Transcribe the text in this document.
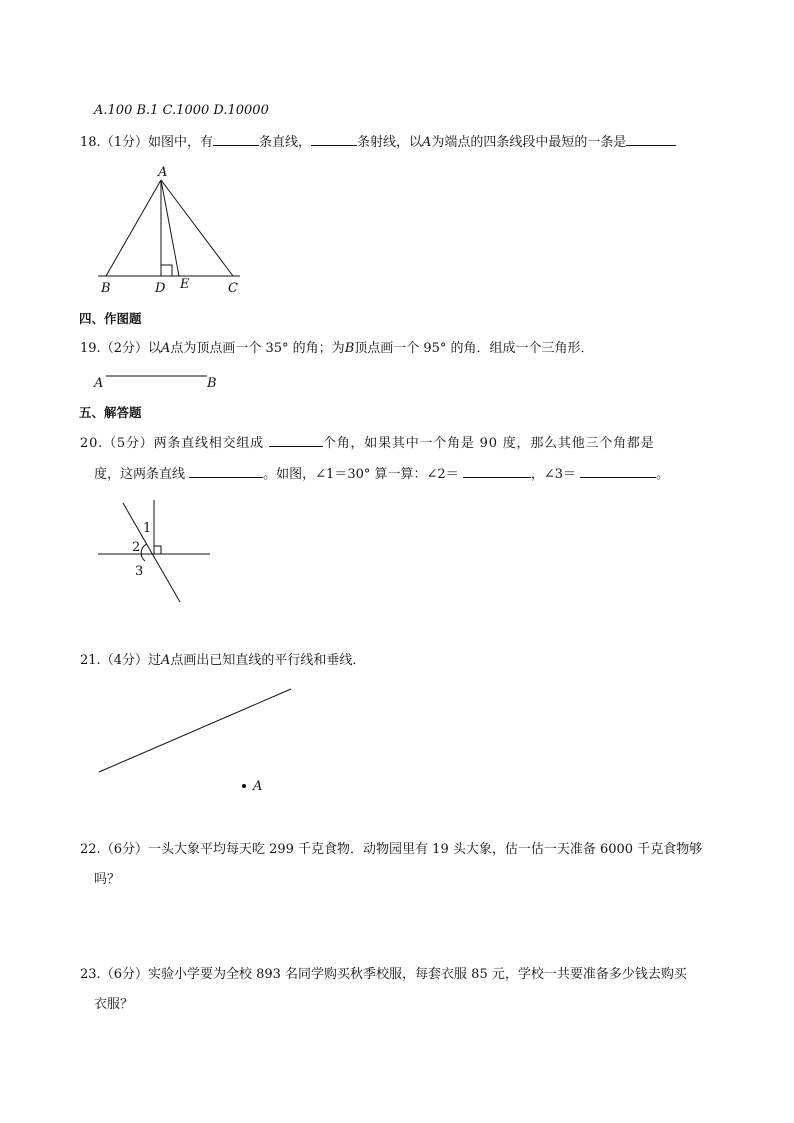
A.100 B.1 C.1000 D.10000
18.（1分）如图中，有	条直线，	条射线，以A为端点的四条线段中最短的一条是
A
B	D E	C
A	B
1
2
3
A
四、作图题
19.（2分）以A点为顶点画一个 35° 的角；为B顶点画一个 95° 的角．组成一个三角形．
五、解答题
20.（5分）两条直线相交组成	个角，如果其中一个角是 90 度，那么其他三个角都是
度，这两条直线	。如图，∠1＝30° 算一算：∠2＝	，∠3＝	。
21.（4分）过A点画出已知直线的平行线和垂线．
22.（6分）一头大象平均每天吃 299 千克食物．动物园里有 19 头大象，估一估一天准备 6000 千克食物够
吗？
23.（6分）实验小学要为全校 893 名同学购买秋季校服，每套衣服 85 元，学校一共要准备多少钱去购买
衣服？
